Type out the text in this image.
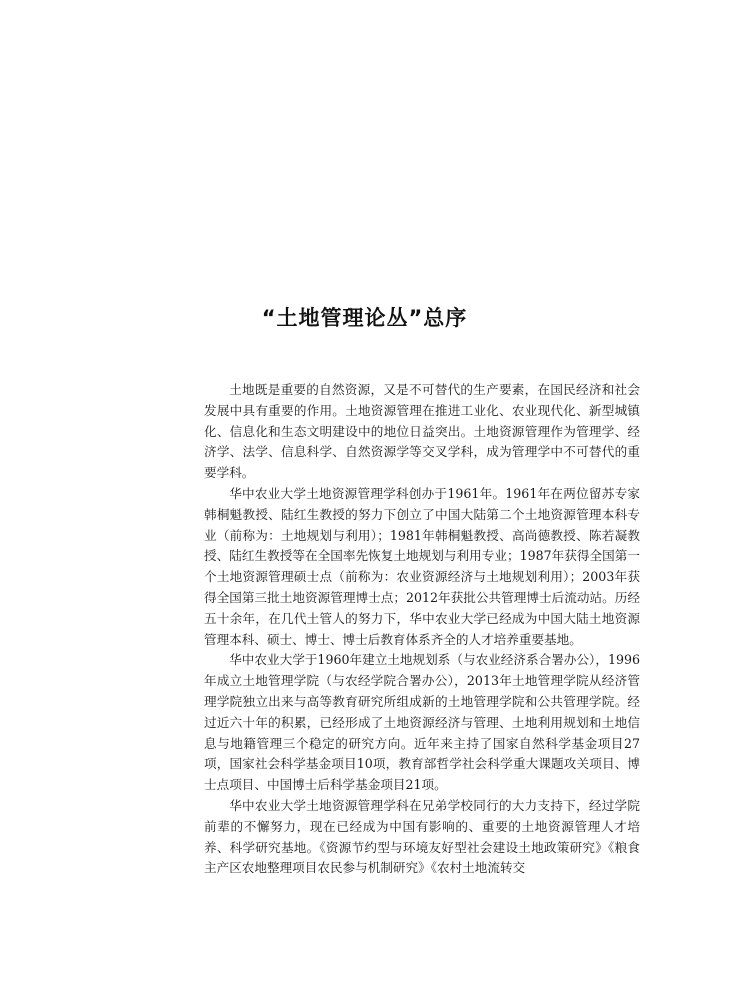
“土地管理论丛”总序

土地既是重要的自然资源，又是不可替代的生产要素，在国民经济和社会发展中具有重要的作用。土地资源管理在推进工业化、农业现代化、新型城镇化、信息化和生态文明建设中的地位日益突出。土地资源管理作为管理学、经济学、法学、信息科学、自然资源学等交叉学科，成为管理学中不可替代的重要学科。

华中农业大学土地资源管理学科创办于1961年。1961年在两位留苏专家韩桐魁教授、陆红生教授的努力下创立了中国大陆第二个土地资源管理本科专业（前称为：土地规划与利用）；1981年韩桐魁教授、高尚德教授、陈若凝教授、陆红生教授等在全国率先恢复土地规划与利用专业；1987年获得全国第一个土地资源管理硕士点（前称为：农业资源经济与土地规划利用）；2003年获得全国第三批土地资源管理博士点；2012年获批公共管理博士后流动站。历经五十余年，在几代土管人的努力下，华中农业大学已经成为中国大陆土地资源管理本科、硕士、博士、博士后教育体系齐全的人才培养重要基地。

华中农业大学于1960年建立土地规划系（与农业经济系合署办公），1996年成立土地管理学院（与农经学院合署办公），2013年土地管理学院从经济管理学院独立出来与高等教育研究所组成新的土地管理学院和公共管理学院。经过近六十年的积累，已经形成了土地资源经济与管理、土地利用规划和土地信息与地籍管理三个稳定的研究方向。近年来主持了国家自然科学基金项目27项，国家社会科学基金项目10项，教育部哲学社会科学重大课题攻关项目、博士点项目、中国博士后科学基金项目21项。

华中农业大学土地资源管理学科在兄弟学校同行的大力支持下，经过学院前辈的不懈努力，现在已经成为中国有影响的、重要的土地资源管理人才培养、科学研究基地。《资源节约型与环境友好型社会建设土地政策研究》《粮食主产区农地整理项目农民参与机制研究》《农村土地流转交
